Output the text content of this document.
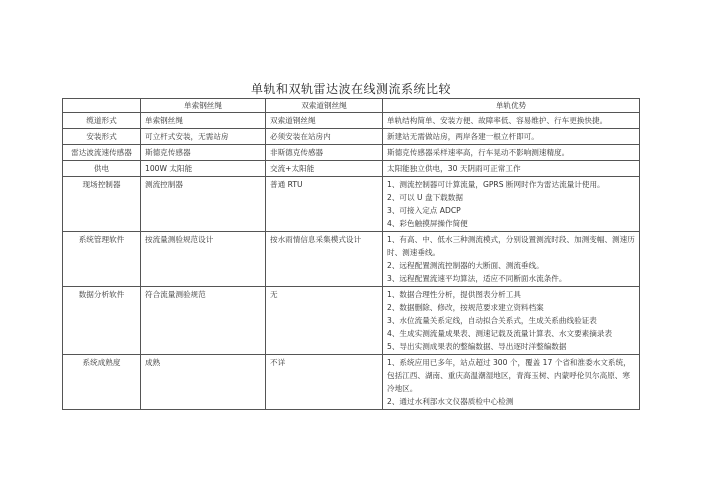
单轨和双轨雷达波在线测流系统比较
	单索钢丝绳	双索道钢丝绳	单轨优势
缆道形式	单索钢丝绳	双索道钢丝绳	单轨结构简单、安装方便、故障率低、容易维护、行车更换快捷。

安装形式	可立杆式安装，无需站房	必须安装在站房内	新建站无需做站房，两岸各建一根立杆即可。

雷达波流速传感器	斯德克传感器	非斯德克传感器	斯德克传感器采样速率高，行车晃动不影响测速精度。

供电	100W 太阳能	交流+太阳能	太阳能独立供电，30 天阴雨可正常工作

现场控制器	测流控制器	普通 RTU	1、测流控制器可计算流量，GPRS 断网时作为雷达流量计使用。
2、可以 U 盘下载数据
3、可接入定点 ADCP
4、彩色触摸屏操作简便

系统管理软件	按流量测验规范设计	按水雨情信息采集模式设计	1、有高、中、低水三种测流模式，分别设置测流时段、加测变幅、测速历时、测速垂线。
2、远程配置测流控制器的大断面、测流垂线。
3、远程配置流速平均算法，适应不同断面水流条件。

数据分析软件	符合流量测验规范	无	1、数据合理性分析，提供图表分析工具
2、数据删除、修改，按规范要求建立资料档案
3、水位流量关系定线，自动拟合关系式，生成关系曲线验证表
4、生成实测流量成果表、测速记载及流量计算表、水文要素摘录表
5、导出实测成果表的整编数据、导出逐时洋整编数据

系统成熟度	成熟	不详	1、系统应用已多年，站点超过 300 个，覆盖 17 个省和淮委水文系统，包括江西、湖南、重庆高温潮湿地区，青海玉树、内蒙呼伦贝尔高原、寒冷地区。
2、通过水利部水文仪器质检中心检测
